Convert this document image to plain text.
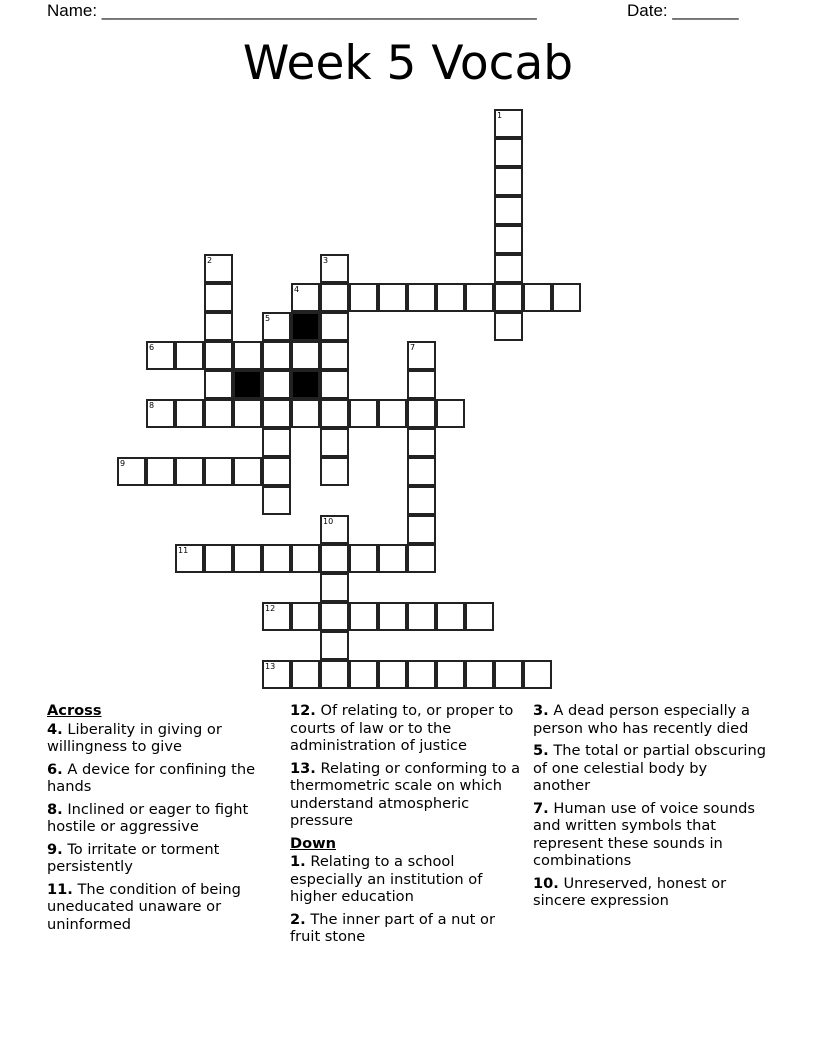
Name: ______________________________________________	Date: _______
Week 5 Vocab
1
2	3
4
5
6	7
8
9
10
11
12
13
Across
4. Liberality in giving or willingness to give
6. A device for confining the hands
8. Inclined or eager to fight hostile or aggressive
9. To irritate or torment persistently
11. The condition of being uneducated unaware or uninformed
12. Of relating to, or proper to courts of law or to the administration of justice
13. Relating or conforming to a thermometric scale on which understand atmospheric pressure
Down
1. Relating to a school especially an institution of higher education
2. The inner part of a nut or fruit stone
3. A dead person especially a person who has recently died
5. The total or partial obscuring of one celestial body by another
7. Human use of voice sounds and written symbols that represent these sounds in combinations
10. Unreserved, honest or sincere expression
